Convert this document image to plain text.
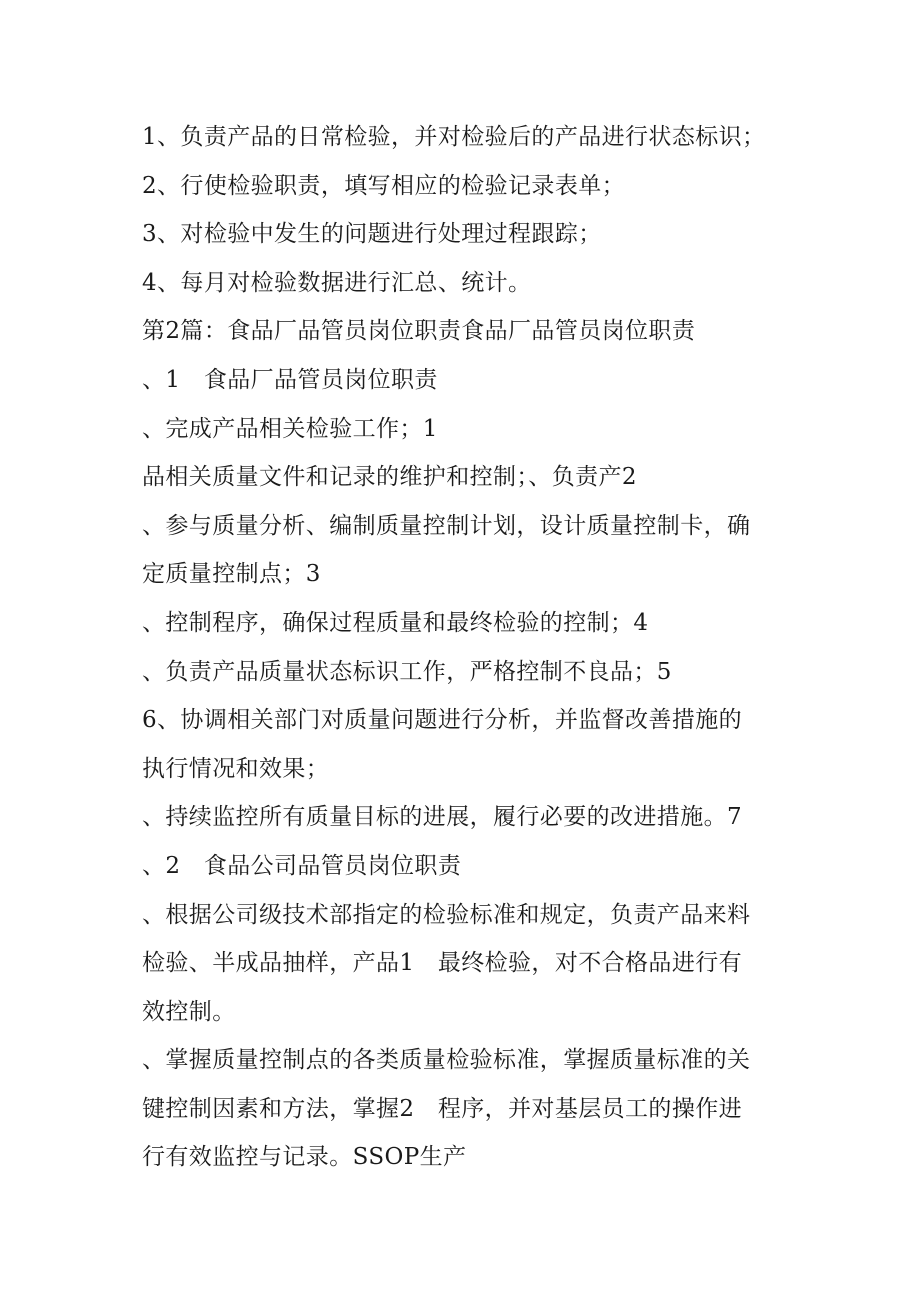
1、负责产品的日常检验，并对检验后的产品进行状态标识；
2、行使检验职责，填写相应的检验记录表单；
3、对检验中发生的问题进行处理过程跟踪；
4、每月对检验数据进行汇总、统计。
第2篇：食品厂品管员岗位职责食品厂品管员岗位职责
、1　食品厂品管员岗位职责
、完成产品相关检验工作；1
品相关质量文件和记录的维护和控制；、负责产2
、参与质量分析、编制质量控制计划，设计质量控制卡，确
定质量控制点；3
、控制程序，确保过程质量和最终检验的控制；4
、负责产品质量状态标识工作，严格控制不良品；5
6、协调相关部门对质量问题进行分析，并监督改善措施的
执行情况和效果；
、持续监控所有质量目标的进展，履行必要的改进措施。7
、2　食品公司品管员岗位职责
、根据公司级技术部指定的检验标准和规定，负责产品来料
检验、半成品抽样，产品1　最终检验，对不合格品进行有
效控制。
、掌握质量控制点的各类质量检验标准，掌握质量标准的关
键控制因素和方法，掌握2　程序，并对基层员工的操作进
行有效监控与记录。SSOP生产
